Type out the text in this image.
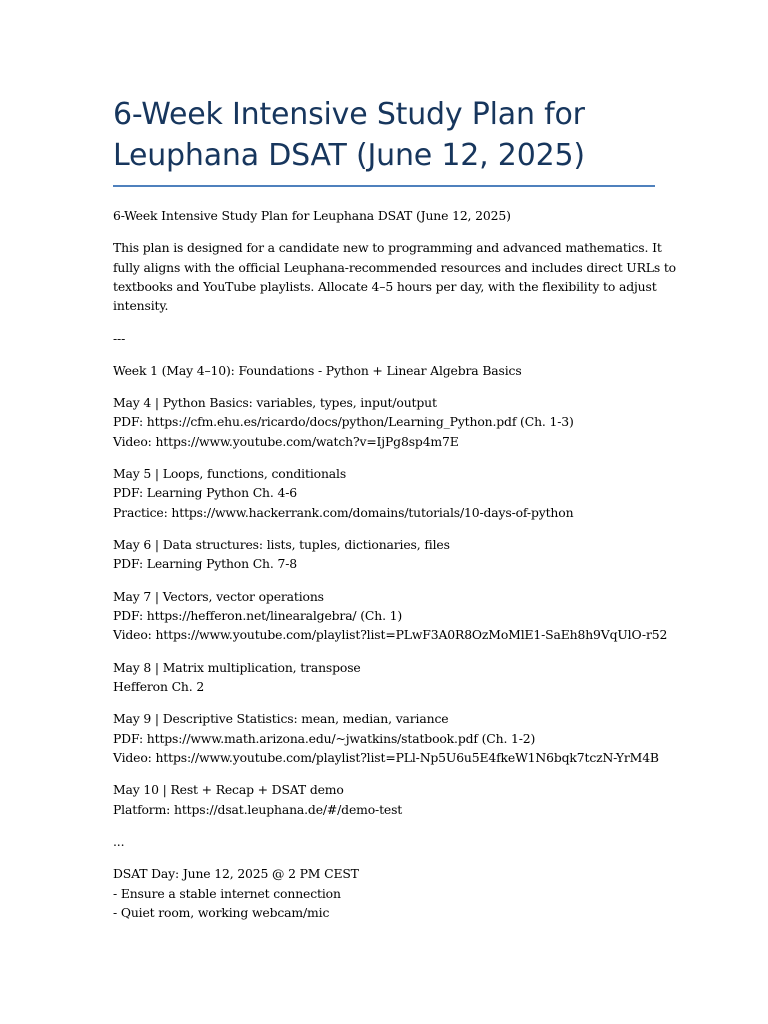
6-Week Intensive Study Plan for
Leuphana DSAT (June 12, 2025)
6-Week Intensive Study Plan for Leuphana DSAT (June 12, 2025)
This plan is designed for a candidate new to programming and advanced mathematics. It
fully aligns with the official Leuphana-recommended resources and includes direct URLs to
textbooks and YouTube playlists. Allocate 4–5 hours per day, with the flexibility to adjust
intensity.
---
Week 1 (May 4–10): Foundations - Python + Linear Algebra Basics
May 4 | Python Basics: variables, types, input/output
PDF: https://cfm.ehu.es/ricardo/docs/python/Learning_Python.pdf (Ch. 1-3)
Video: https://www.youtube.com/watch?v=IjPg8sp4m7E
May 5 | Loops, functions, conditionals
PDF: Learning Python Ch. 4-6
Practice: https://www.hackerrank.com/domains/tutorials/10-days-of-python
May 6 | Data structures: lists, tuples, dictionaries, files
PDF: Learning Python Ch. 7-8
May 7 | Vectors, vector operations
PDF: https://hefferon.net/linearalgebra/ (Ch. 1)
Video: https://www.youtube.com/playlist?list=PLwF3A0R8OzMoMlE1-SaEh8h9VqUlO-r52
May 8 | Matrix multiplication, transpose
Hefferon Ch. 2
May 9 | Descriptive Statistics: mean, median, variance
PDF: https://www.math.arizona.edu/~jwatkins/statbook.pdf (Ch. 1-2)
Video: https://www.youtube.com/playlist?list=PLl-Np5U6u5E4fkeW1N6bqk7tczN-YrM4B
May 10 | Rest + Recap + DSAT demo
Platform: https://dsat.leuphana.de/#/demo-test
...
DSAT Day: June 12, 2025 @ 2 PM CEST
- Ensure a stable internet connection
- Quiet room, working webcam/mic
